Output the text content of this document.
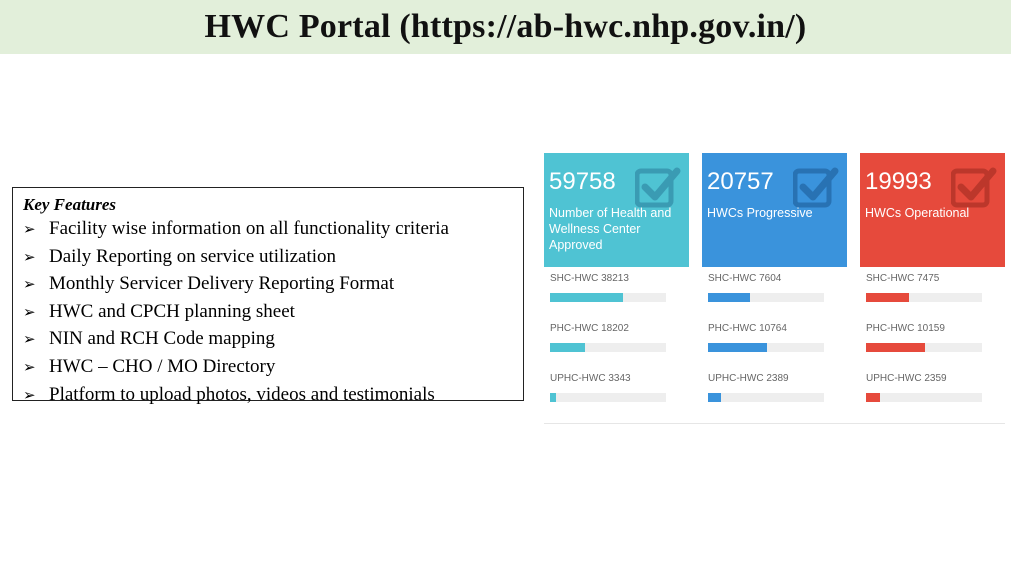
HWC Portal (https://ab-hwc.nhp.gov.in/)
Key Features
➢ Facility wise information on all functionality criteria
➢ Daily Reporting on service utilization
➢ Monthly Servicer Delivery Reporting Format
➢ HWC and CPCH planning sheet
➢ NIN and RCH Code mapping
➢ HWC – CHO / MO Directory
➢ Platform to upload photos, videos and testimonials
59758
Number of Health and Wellness Center Approved
SHC-HWC 38213
PHC-HWC 18202
UPHC-HWC 3343
20757
HWCs Progressive
SHC-HWC 7604
PHC-HWC 10764
UPHC-HWC 2389
19993
HWCs Operational
SHC-HWC 7475
PHC-HWC 10159
UPHC-HWC 2359
